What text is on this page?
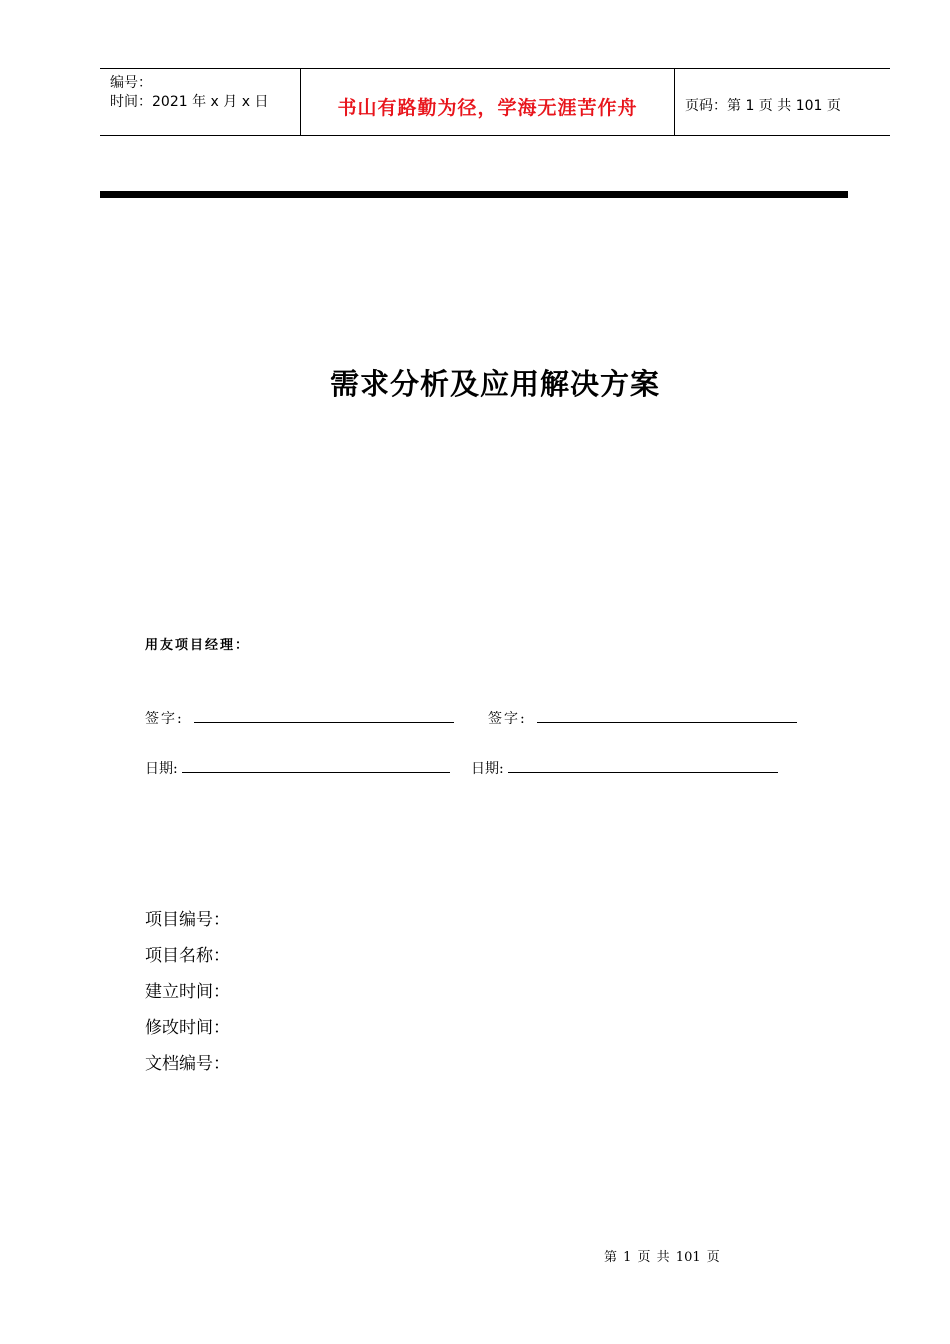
编号：
时间：2021 年 x 月 x 日	书山有路勤为径，学海无涯苦作舟	页码：第 1 页 共 101 页
需求分析及应用解决方案
用友项目经理：
签字:	签字:
日期:	日期:
项目编号：
项目名称：
建立时间：
修改时间：
文档编号：
第 1 页 共 101 页
